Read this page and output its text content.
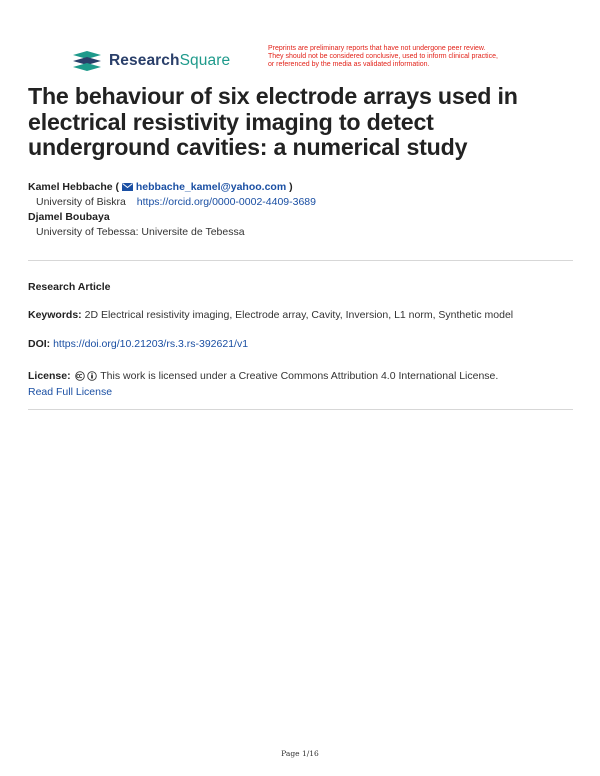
ResearchSquare
Preprints are preliminary reports that have not undergone peer review.
They should not be considered conclusive, used to inform clinical practice,
or referenced by the media as validated information.
The behaviour of six electrode arrays used in electrical resistivity imaging to detect underground cavities: a numerical study
Kamel Hebbache (  hebbache_kamel@yahoo.com )
University of Biskra https://orcid.org/0000-0002-4409-3689
Djamel Boubaya
University of Tebessa: Universite de Tebessa
Research Article
Keywords: 2D Electrical resistivity imaging, Electrode array, Cavity, Inversion, L1 norm, Synthetic model
DOI: https://doi.org/10.21203/rs.3.rs-392621/v1
License:	This work is licensed under a Creative Commons Attribution 4.0 International License.
Read Full License
Page 1/16
